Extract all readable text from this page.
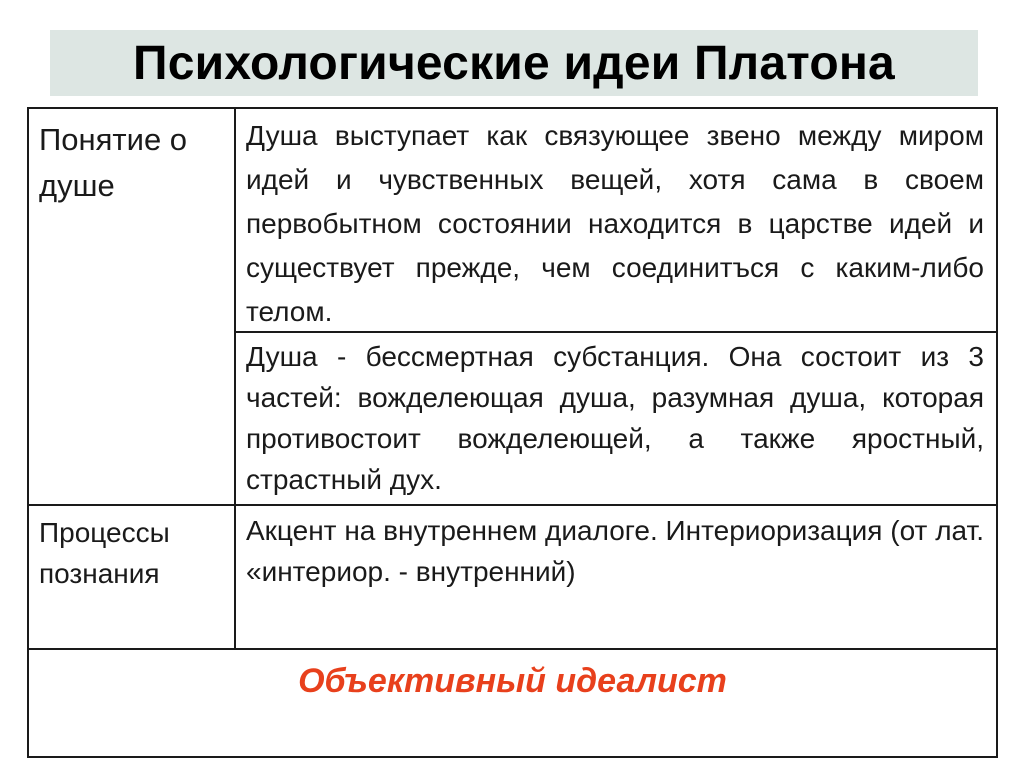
Психологические идеи Платона
Понятие о душе
Душа выступает как связующее звено между миром идей и чувственных вещей, хотя сама в своем первобытном состоянии находится в царстве идей и существует прежде, чем соединитъся с каким-либо телом.
Душа - бессмертная субстанция. Она состоит из 3 частей: вожделеющая душа, разумная душа, которая противостоит вожделеющей, а также яростный, страстный дух.
Процессы познания
Акцент на внутреннем диалоге. Интериоризация (от лат. «интериор. - внутренний)
Объективный идеалист
